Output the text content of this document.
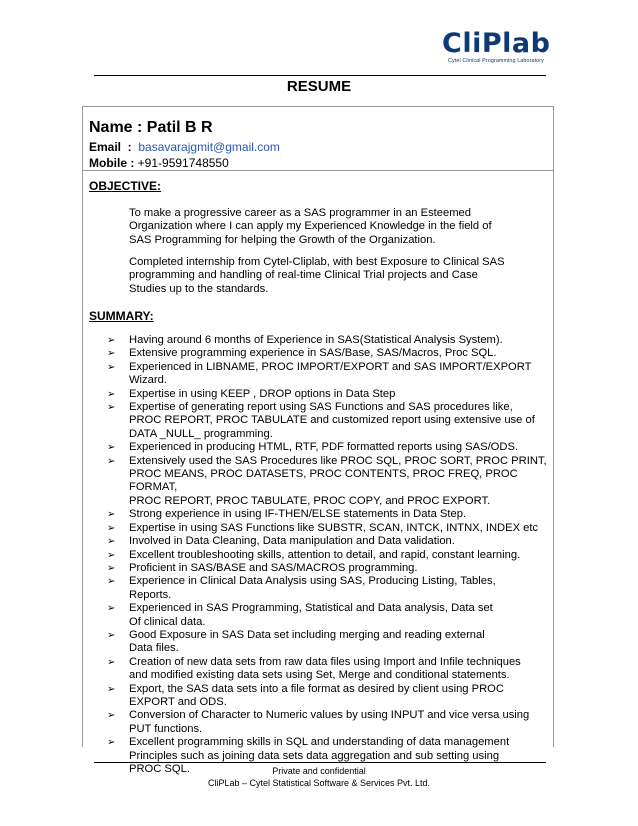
CliPlab
Cytel Clinical Programming Laboratory
RESUME
Name : Patil B R
Email  :  basavarajgmit@gmail.com
Mobile : +91-9591748550
OBJECTIVE:
To make a progressive career as a SAS programmer in an Esteemed
Organization where I can apply my Experienced Knowledge in the field of
SAS Programming for helping the Growth of the Organization.
Completed internship from Cytel-Cliplab, with best Exposure to Clinical SAS
programming and handling of real-time Clinical Trial projects and Case
Studies up to the standards.
SUMMARY:
➢ Having around 6 months of Experience in SAS(Statistical Analysis System).
➢ Extensive programming experience in SAS/Base, SAS/Macros, Proc SQL.
➢ Experienced in LIBNAME, PROC IMPORT/EXPORT and SAS IMPORT/EXPORT
Wizard.
➢ Expertise in using KEEP , DROP options in Data Step
➢ Expertise of generating report using SAS Functions and SAS procedures like,
PROC REPORT, PROC TABULATE and customized report using extensive use of
DATA _NULL_ programming.
➢ Experienced in producing HTML, RTF, PDF formatted reports using SAS/ODS.
➢ Extensively used the SAS Procedures like PROC SQL, PROC SORT, PROC PRINT,
PROC MEANS, PROC DATASETS, PROC CONTENTS, PROC FREQ, PROC FORMAT,
PROC REPORT, PROC TABULATE, PROC COPY, and PROC EXPORT.
➢ Strong experience in using IF-THEN/ELSE statements in Data Step.
➢ Expertise in using SAS Functions like SUBSTR, SCAN, INTCK, INTNX, INDEX etc
➢ Involved in Data Cleaning, Data manipulation and Data validation.
➢ Excellent troubleshooting skills, attention to detail, and rapid, constant learning.
➢ Proficient in SAS/BASE and SAS/MACROS programming.
➢ Experience in Clinical Data Analysis using SAS, Producing Listing, Tables,
Reports.
➢ Experienced in SAS Programming, Statistical and Data analysis, Data set
Of clinical data.
➢ Good Exposure in SAS Data set including merging and reading external
Data files.
➢ Creation of new data sets from raw data files using Import and Infile techniques
and modified existing data sets using Set, Merge and conditional statements.
➢ Export, the SAS data sets into a file format as desired by client using PROC
EXPORT and ODS.
➢ Conversion of Character to Numeric values by using INPUT and vice versa using
PUT functions.
➢ Excellent programming skills in SQL and understanding of data management
Principles such as joining data sets data aggregation and sub setting using
PROC SQL.	Private and confidential
CliPLab – Cytel Statistical Software & Services Pvt. Ltd.
